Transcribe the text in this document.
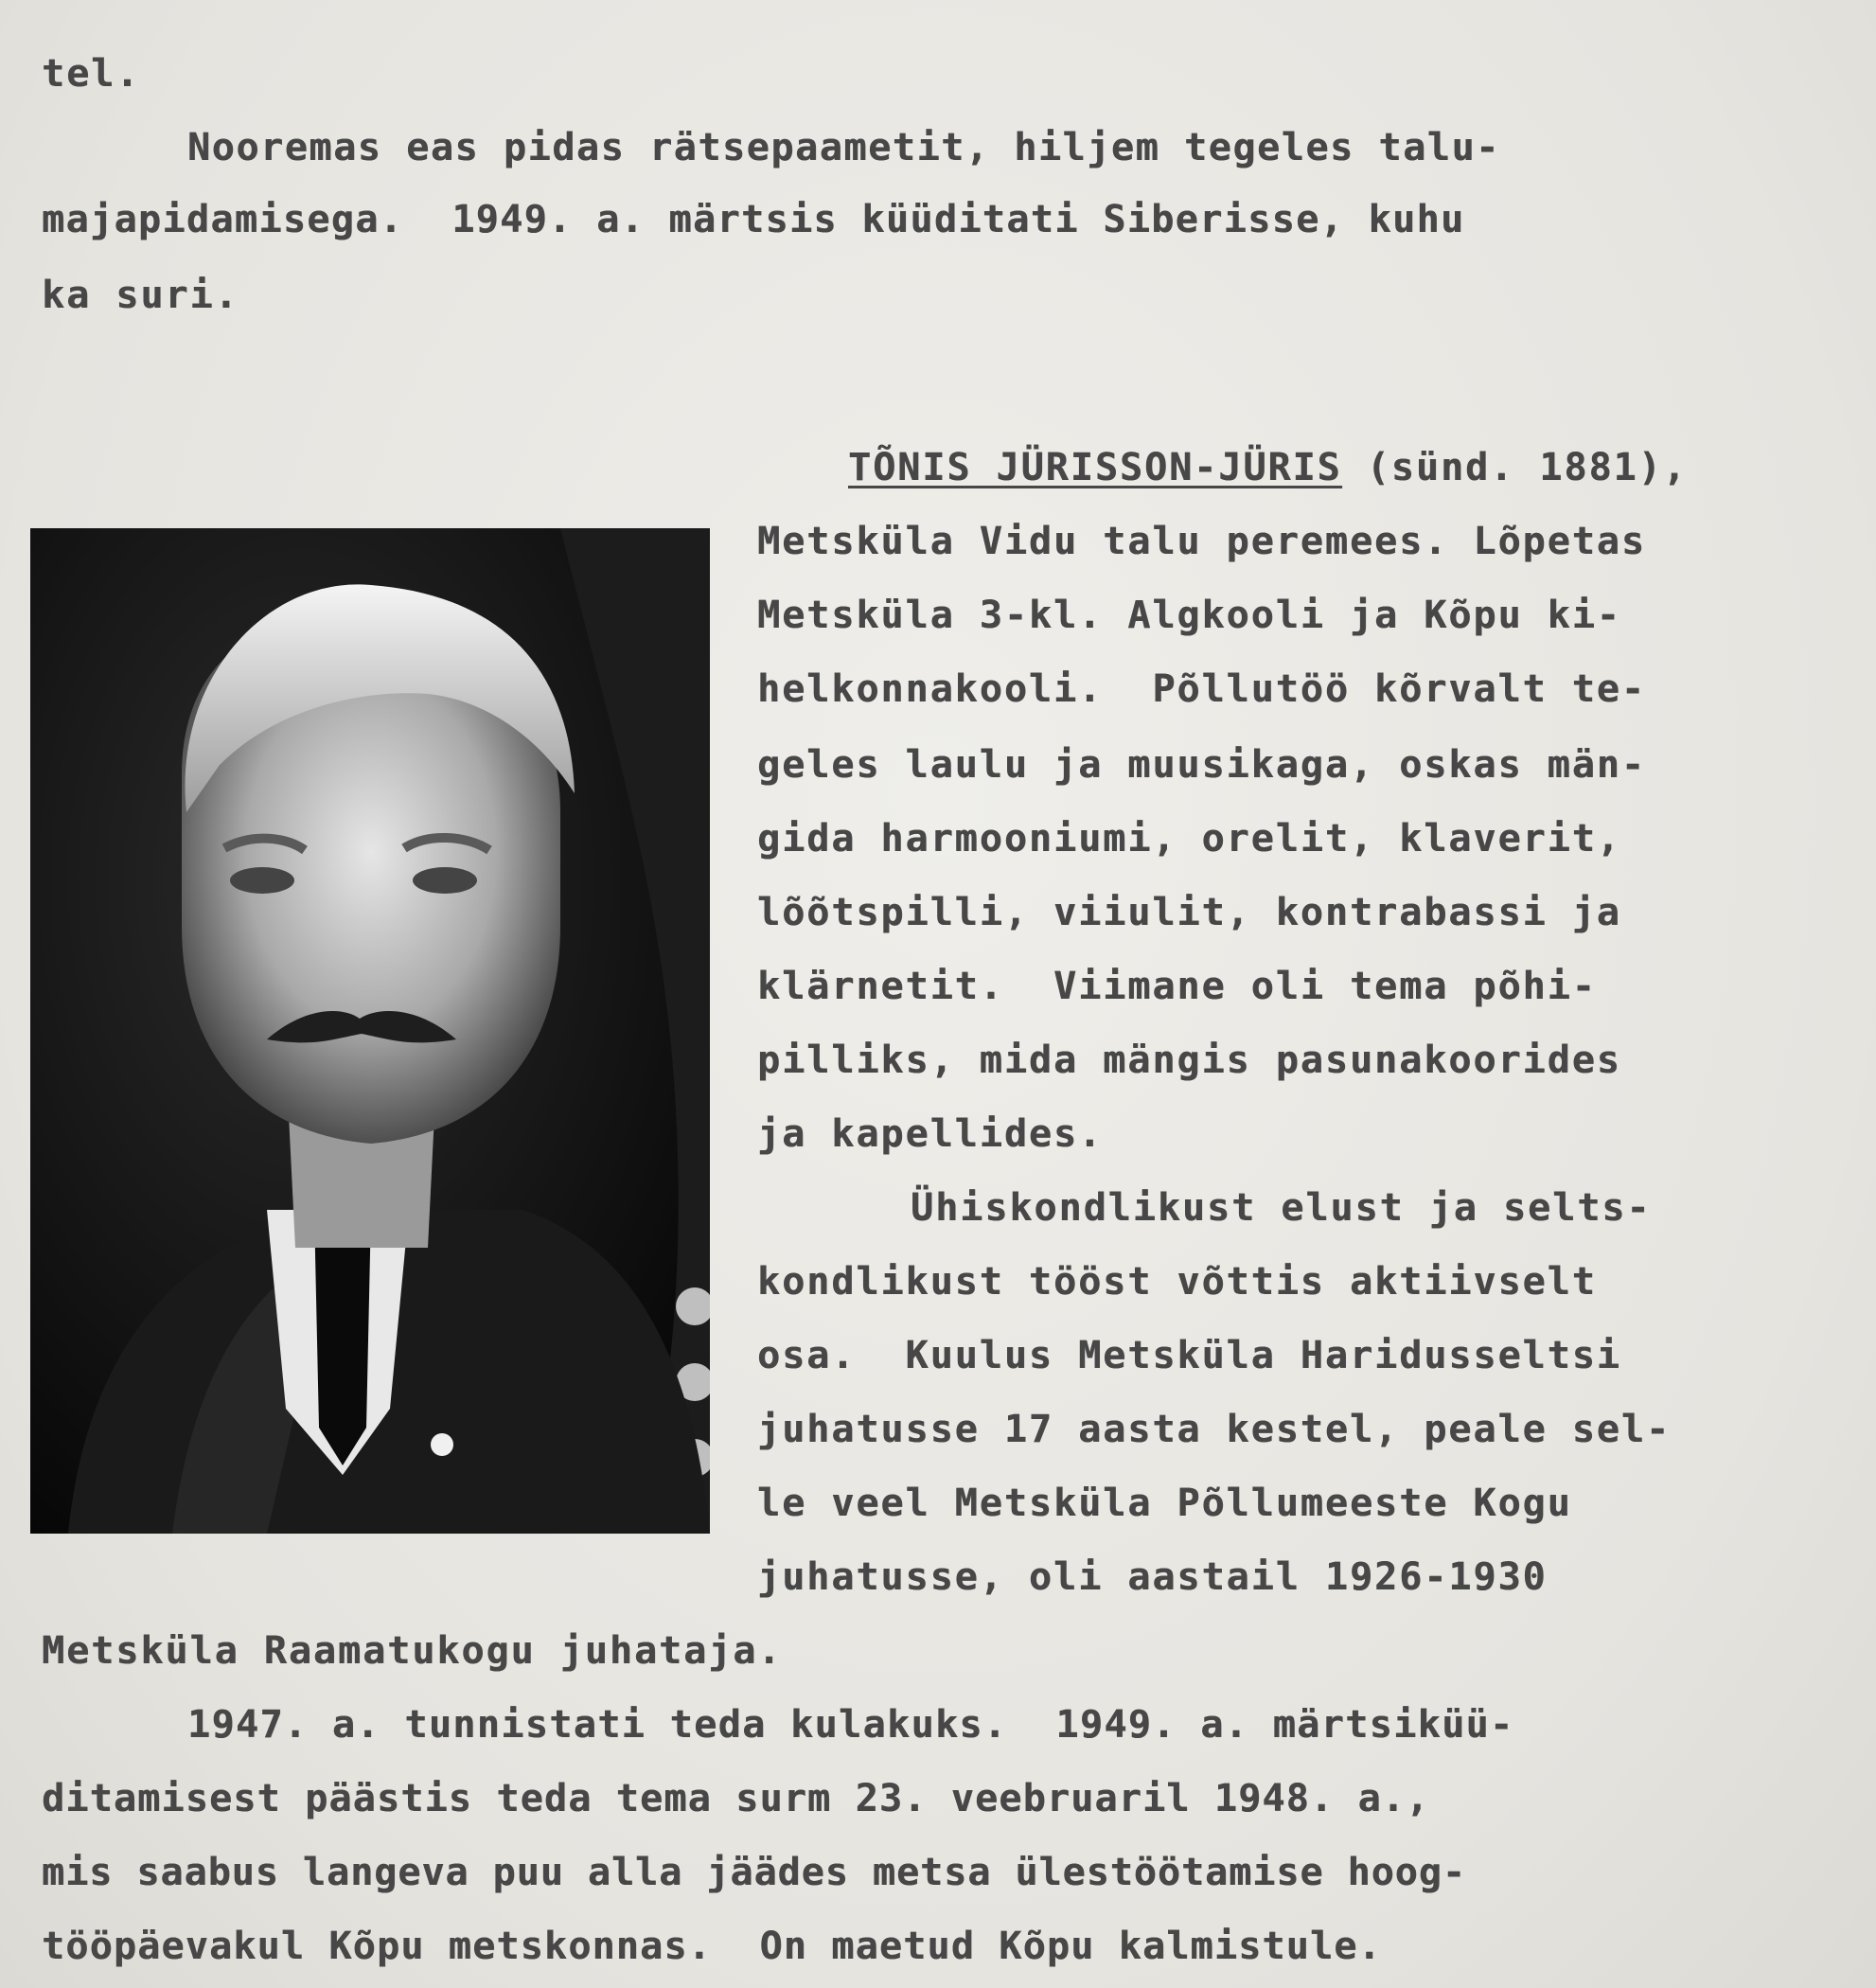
tel.
Nooremas eas pidas rätsepaametit, hiljem tegeles talu-
majapidamisega.  1949. a. märtsis küüditati Siberisse, kuhu
ka suri.
TÕNIS JÜRISSON-JÜRIS (sünd. 1881),
Metsküla Vidu talu peremees. Lõpetas
Metsküla 3-kl. Algkooli ja Kõpu ki-
helkonnakooli.  Põllutöö kõrvalt te-
geles laulu ja muusikaga, oskas män-
gida harmooniumi, orelit, klaverit,
lõõtspilli, viiulit, kontrabassi ja
klärnetit.  Viimane oli tema põhi-
pilliks, mida mängis pasunakoorides
ja kapellides.
Ühiskondlikust elust ja selts-
kondlikust tööst võttis aktiivselt
osa.  Kuulus Metsküla Haridusseltsi
juhatusse 17 aasta kestel, peale sel-
le veel Metsküla Põllumeeste Kogu
juhatusse, oli aastail 1926-1930
Metsküla Raamatukogu juhataja.
1947. a. tunnistati teda kulakuks.  1949. a. märtsiküü-
ditamisest päästis teda tema surm 23. veebruaril 1948. a.,
mis saabus langeva puu alla jäädes metsa ülestöötamise hoog-
tööpäevakul Kõpu metskonnas.  On maetud Kõpu kalmistule.
